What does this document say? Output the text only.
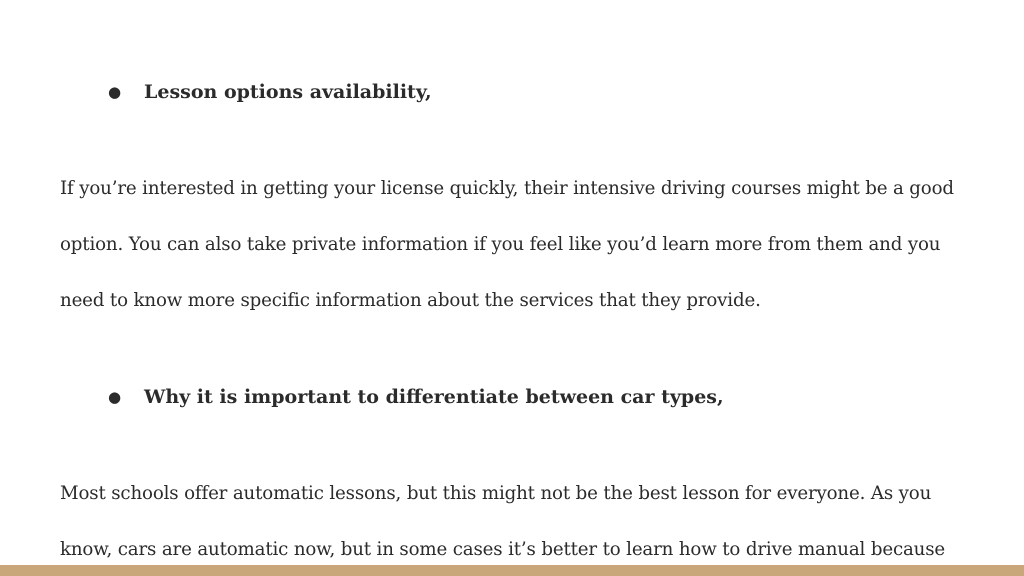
● Lesson options availability,
If you’re interested in getting your license quickly, their intensive driving courses might be a good
option. You can also take private information if you feel like you’d learn more from them and you
need to know more specific information about the services that they provide.
● Why it is important to differentiate between car types,
Most schools offer automatic lessons, but this might not be the best lesson for everyone. As you
know, cars are automatic now, but in some cases it’s better to learn how to drive manual because
